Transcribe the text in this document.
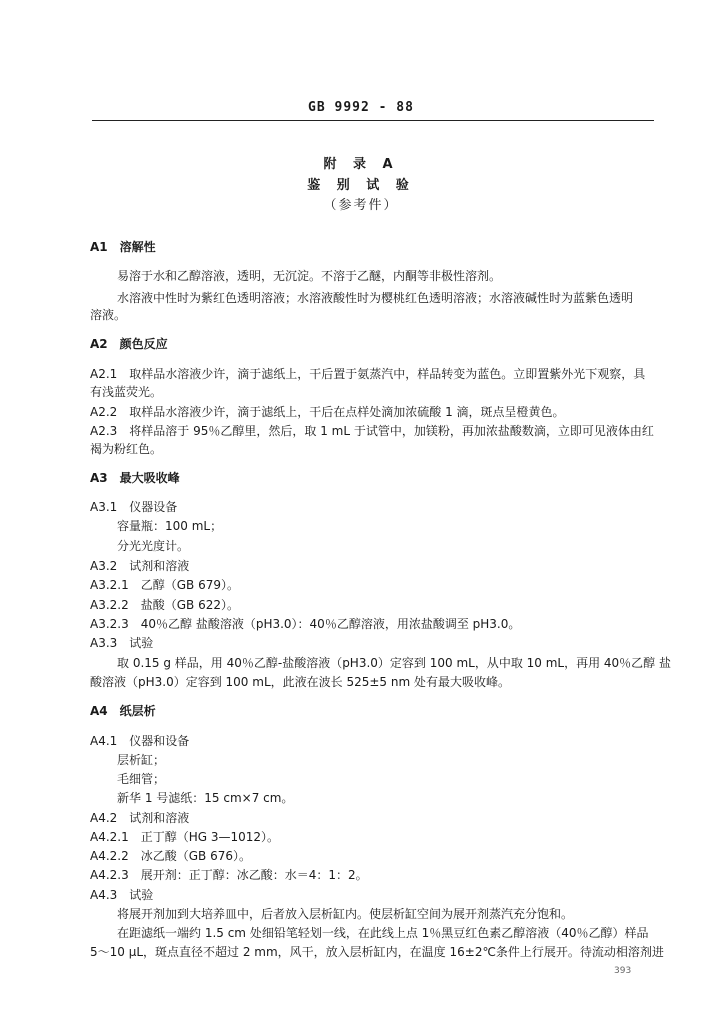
GB 9992 - 88
附 录 A
鉴 别 试 验
（参考件）
A1　溶解性
易溶于水和乙醇溶液，透明，无沉淀。不溶于乙醚，内酮等非极性溶剂。
水溶液中性时为紫红色透明溶液；水溶液酸性时为樱桃红色透明溶液；水溶液碱性时为蓝紫色透明
溶液。
A2　颜色反应
A2.1　取样品水溶液少许，滴于滤纸上，干后置于氨蒸汽中，样品转变为蓝色。立即置紫外光下观察，具
有浅蓝荧光。
A2.2　取样品水溶液少许，滴于滤纸上，干后在点样处滴加浓硫酸 1 滴，斑点呈橙黄色。
A2.3　将样品溶于 95％乙醇里，然后，取 1 mL 于试管中，加镁粉，再加浓盐酸数滴，立即可见液体由红
褐为粉红色。
A3　最大吸收峰
A3.1　仪器设备
容量瓶：100 mL；
分光光度计。
A3.2　试剂和溶液
A3.2.1　乙醇（GB 679）。
A3.2.2　盐酸（GB 622）。
A3.2.3　40％乙醇 盐酸溶液（pH3.0）：40％乙醇溶液，用浓盐酸调至 pH3.0。
A3.3　试验
取 0.15 g 样品，用 40％乙醇-盐酸溶液（pH3.0）定容到 100 mL，从中取 10 mL，再用 40％乙醇 盐
酸溶液（pH3.0）定容到 100 mL，此液在波长 525±5 nm 处有最大吸收峰。
A4　纸层析
A4.1　仪器和设备
层析缸；
毛细管；
新华 1 号滤纸：15 cm×7 cm。
A4.2　试剂和溶液
A4.2.1　正丁醇（HG 3—1012）。
A4.2.2　冰乙酸（GB 676）。
A4.2.3　展开剂：正丁醇：冰乙酸：水＝4：1：2。
A4.3　试验
将展开剂加到大培养皿中，后者放入层析缸内。使层析缸空间为展开剂蒸汽充分饱和。
在距滤纸一端约 1.5 cm 处细铅笔轻划一线，在此线上点 1％黑豆红色素乙醇溶液（40％乙醇）样品
5～10 μL，斑点直径不超过 2 mm，风干，放入层析缸内，在温度 16±2℃条件上行展开。待流动相溶剂进
393
